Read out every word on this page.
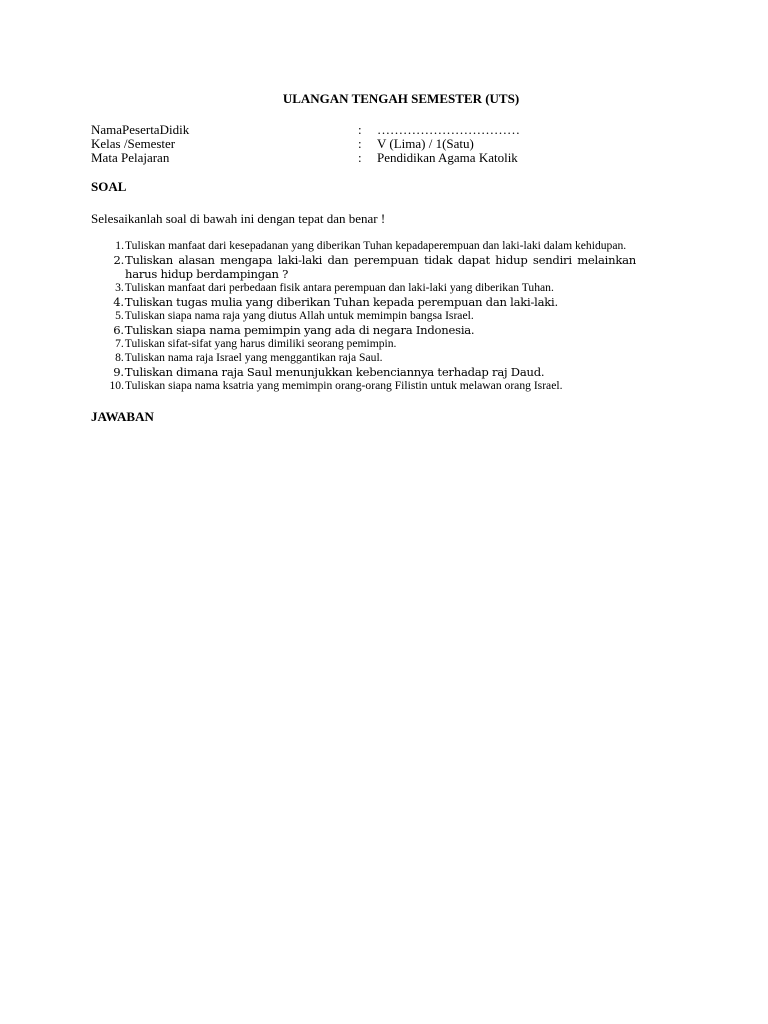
ULANGAN TENGAH SEMESTER (UTS)
NamaPesertaDidik	:	……………………………
Kelas /Semester	:	V (Lima) / 1(Satu)
Mata Pelajaran	:	Pendidikan Agama Katolik
SOAL
Selesaikanlah soal di bawah ini dengan tepat dan benar !
1. Tuliskan manfaat dari kesepadanan yang diberikan Tuhan kepadaperempuan dan laki-laki dalam kehidupan.
2. Tuliskan alasan mengapa laki-laki dan perempuan tidak dapat hidup sendiri melainkan harus hidup berdampingan ?
3. Tuliskan manfaat dari perbedaan fisik antara perempuan dan laki-laki yang diberikan Tuhan.
4. Tuliskan tugas mulia yang diberikan Tuhan kepada perempuan dan laki-laki.
5. Tuliskan siapa nama raja yang diutus Allah untuk memimpin bangsa Israel.
6. Tuliskan siapa nama pemimpin yang ada di negara Indonesia.
7. Tuliskan sifat-sifat yang harus dimiliki seorang pemimpin.
8. Tuliskan nama raja Israel yang menggantikan raja Saul.
9. Tuliskan dimana raja Saul menunjukkan kebenciannya terhadap raj Daud.
10. Tuliskan siapa nama ksatria yang memimpin orang-orang Filistin untuk melawan orang Israel.
JAWABAN
